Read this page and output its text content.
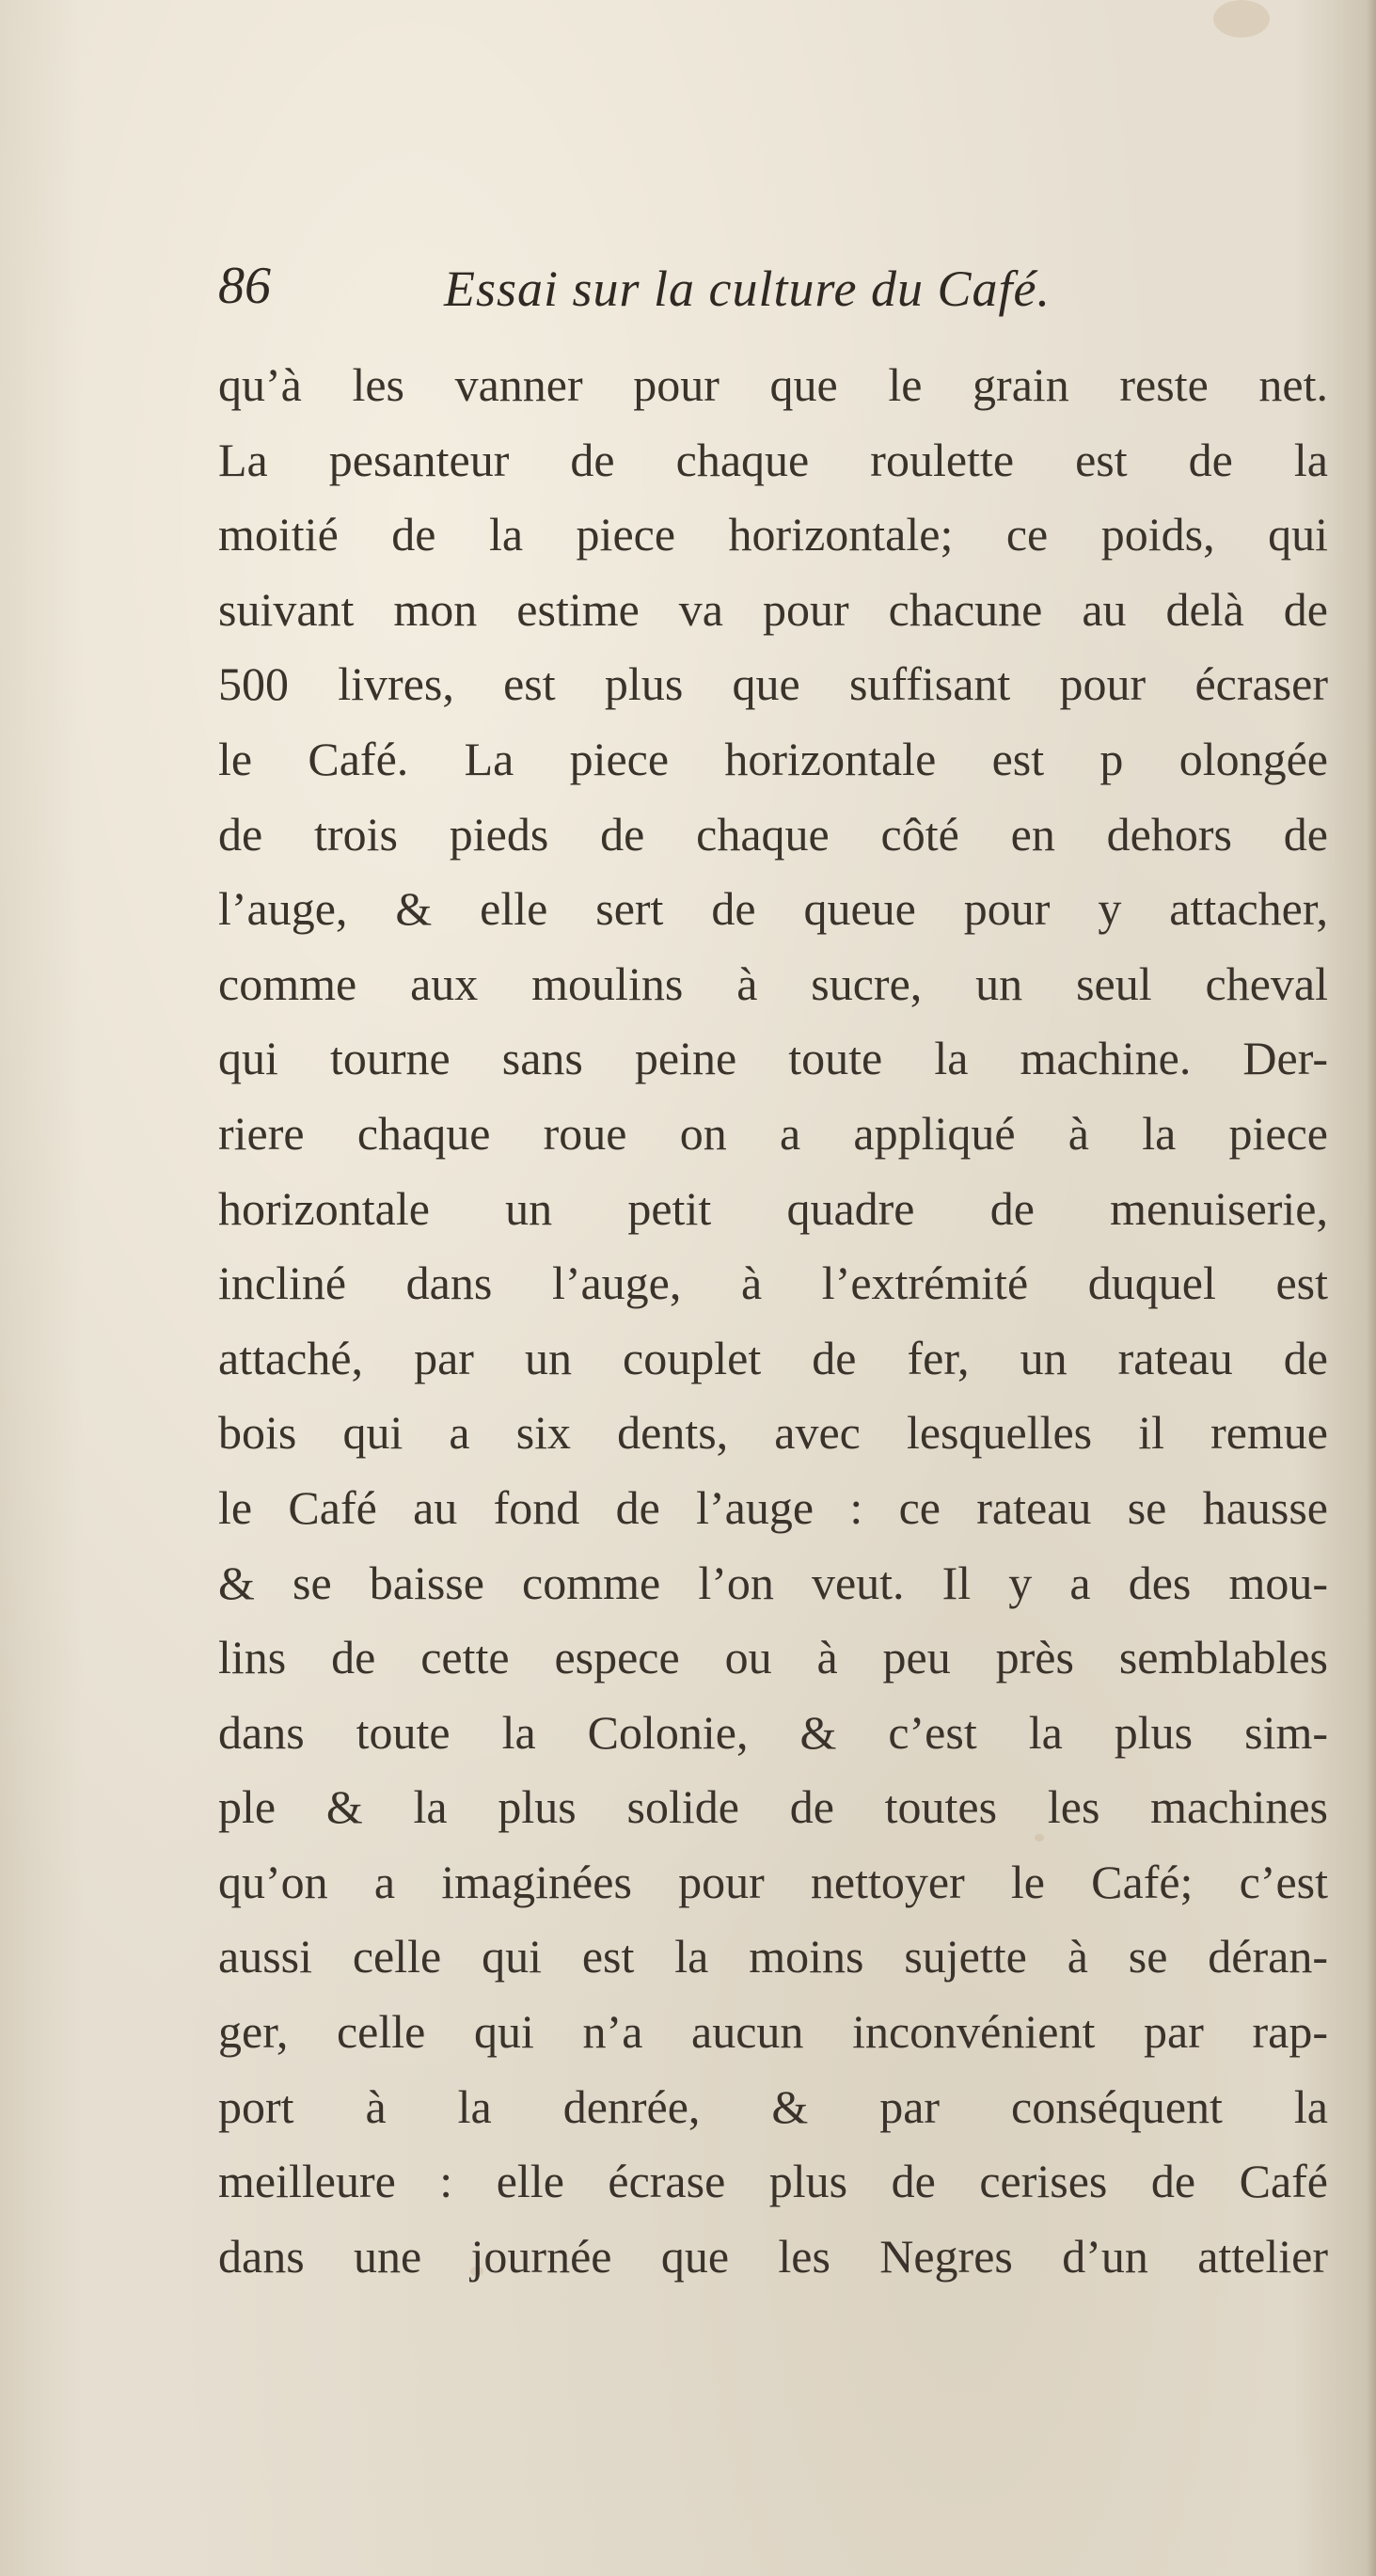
86	Essai sur la culture du Café.
qu’à les vanner pour que le grain reste net.
La pesanteur de chaque roulette est de la
moitié de la piece horizontale; ce poids, qui
suivant mon estime va pour chacune au delà de
500 livres, est plus que suffisant pour écraser
le Café. La piece horizontale est p olongée
de trois pieds de chaque côté en dehors de
l’auge, & elle sert de queue pour y attacher,
comme aux moulins à sucre, un seul cheval
qui tourne sans peine toute la machine. Der-
riere chaque roue on a appliqué à la piece
horizontale un petit quadre de menuiserie,
incliné dans l’auge, à l’extrémité duquel est
attaché, par un couplet de fer, un rateau de
bois qui a six dents, avec lesquelles il remue
le Café au fond de l’auge : ce rateau se hausse
& se baisse comme l’on veut. Il y a des mou-
lins de cette espece ou à peu près semblables
dans toute la Colonie, & c’est la plus sim-
ple & la plus solide de toutes les machines
qu’on a imaginées pour nettoyer le Café; c’est
aussi celle qui est la moins sujette à se déran-
ger, celle qui n’a aucun inconvénient par rap-
port à la denrée, & par conséquent la
meilleure : elle écrase plus de cerises de Café
dans une journée que les Negres d’un attelier
